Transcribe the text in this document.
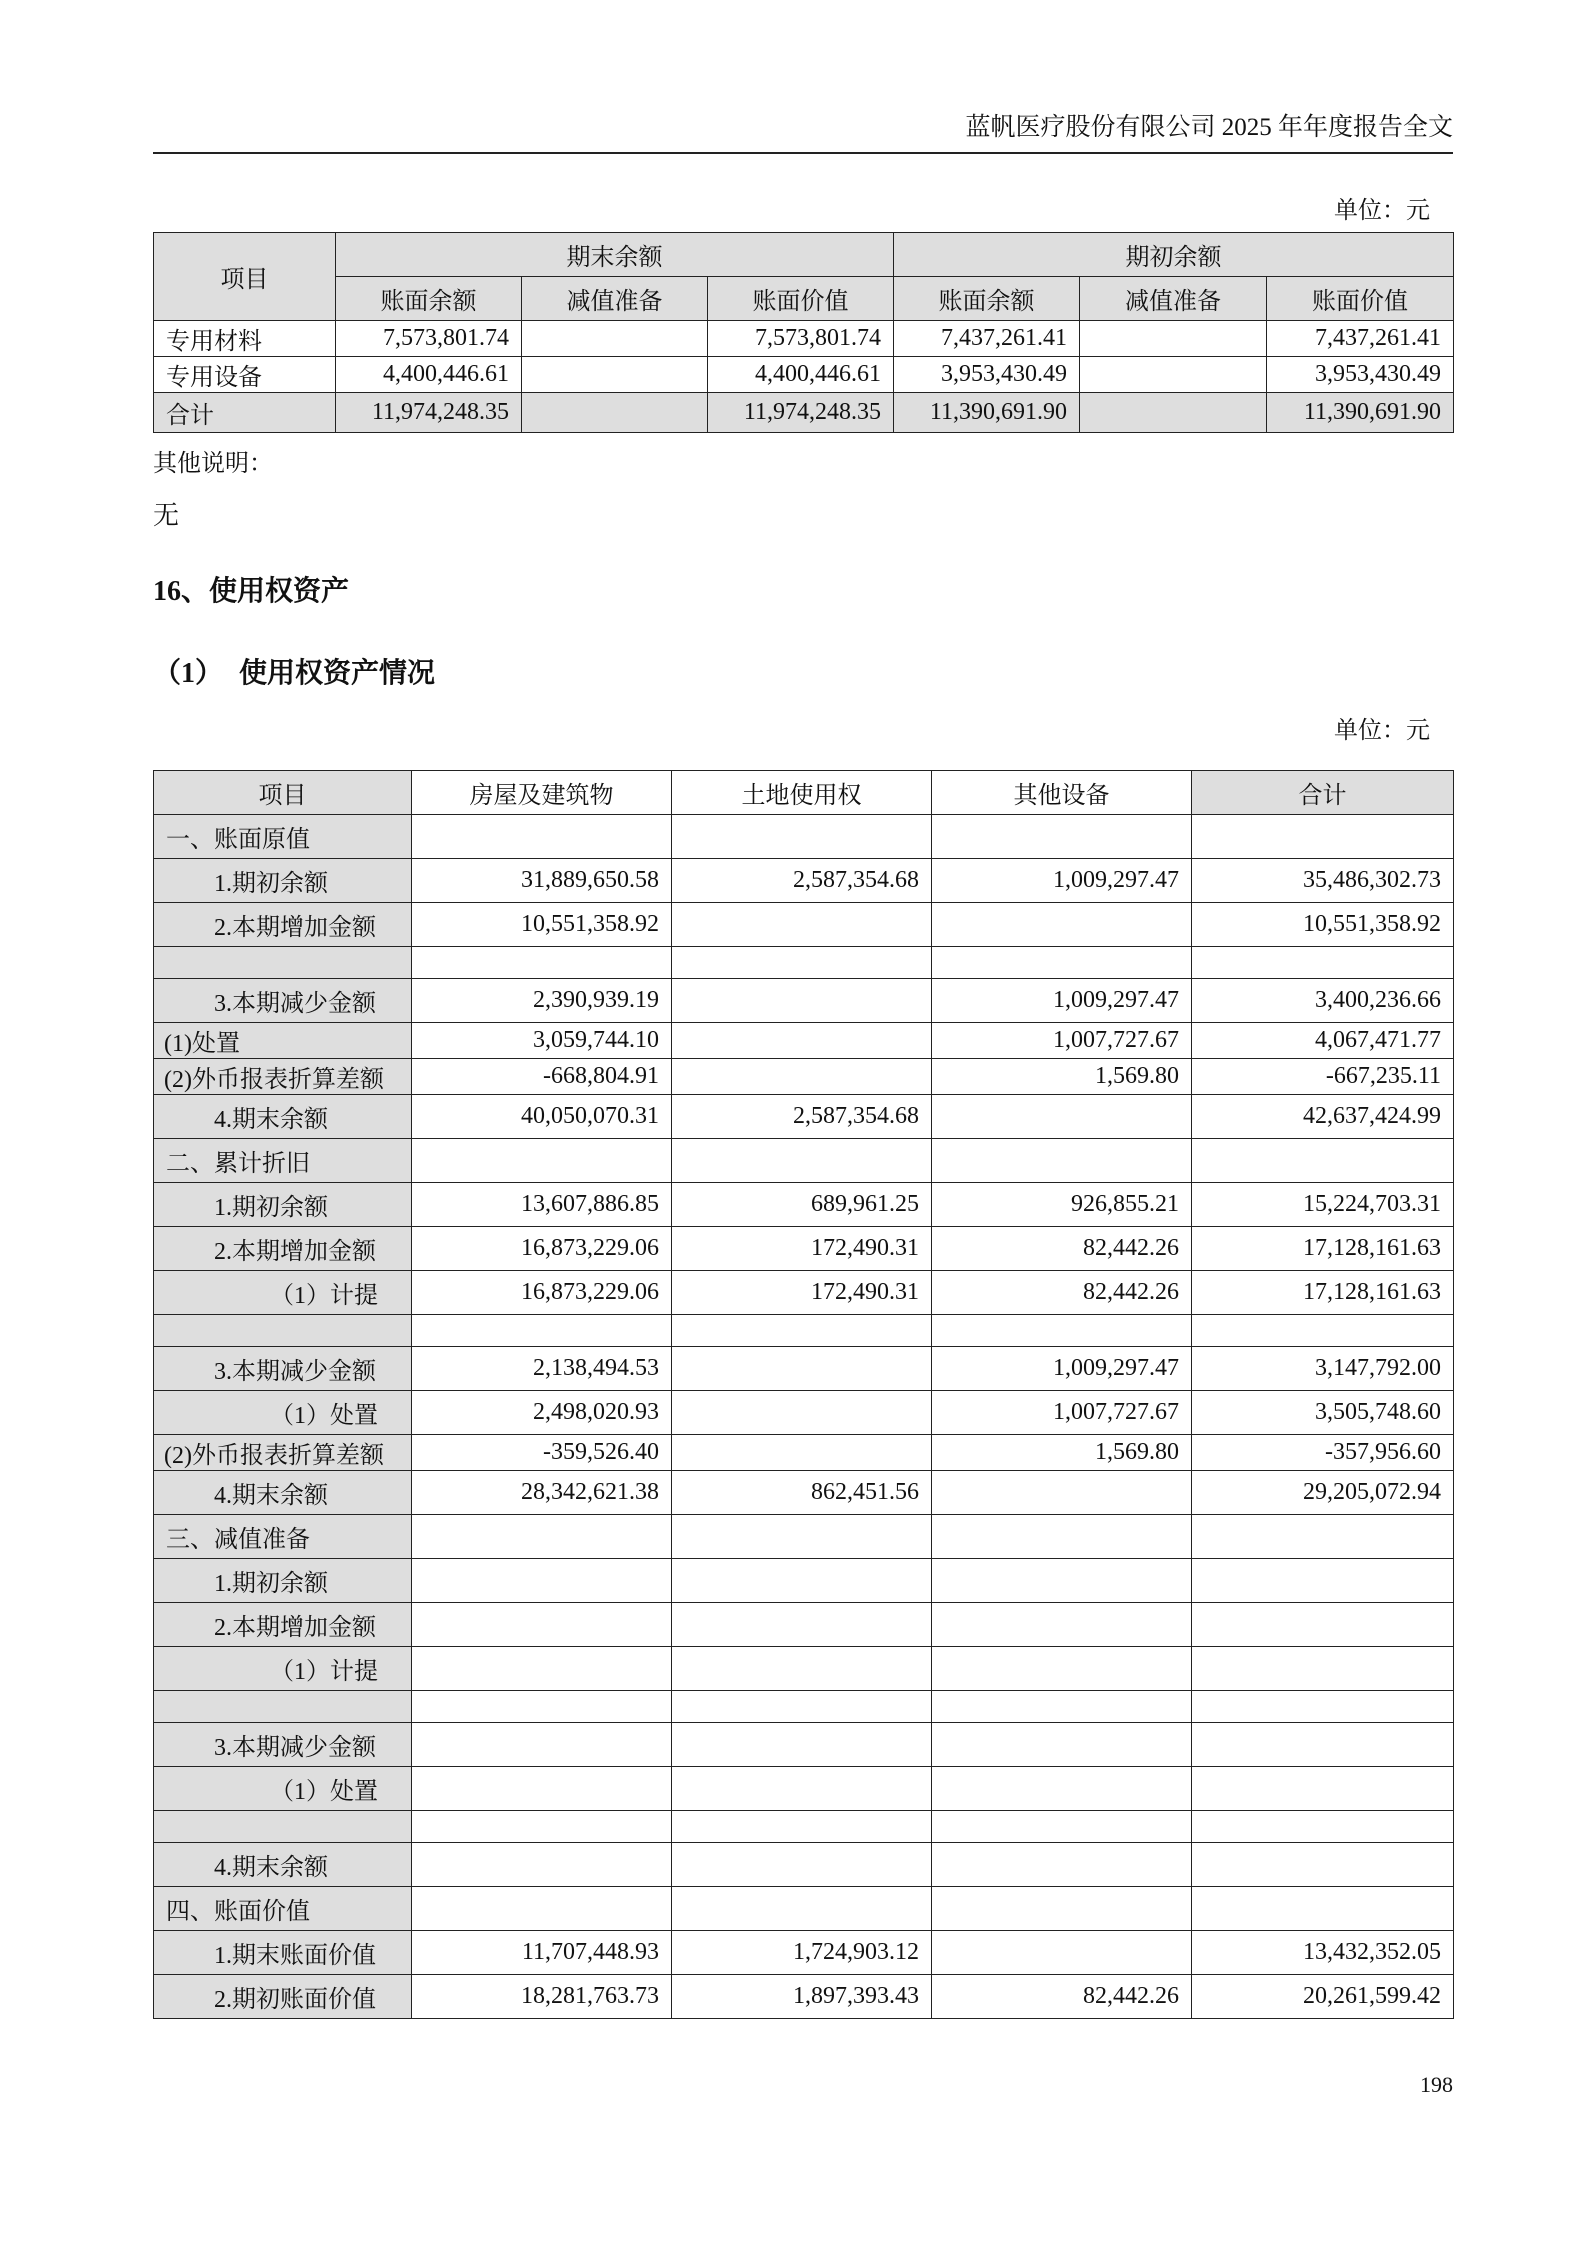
蓝帆医疗股份有限公司 2025 年年度报告全文
单位：元
项目	期末余额			期初余额		
	账面余额	减值准备	账面价值	账面余额	减值准备	账面价值
专用材料	7,573,801.74		7,573,801.74	7,437,261.41		7,437,261.41
专用设备	4,400,446.61		4,400,446.61	3,953,430.49		3,953,430.49
合计	11,974,248.35		11,974,248.35	11,390,691.90		11,390,691.90
其他说明：
无
16、使用权资产
（1） 使用权资产情况
单位：元
项目	房屋及建筑物	土地使用权	其他设备	合计
一、账面原值				
1.期初余额	31,889,650.58	2,587,354.68	1,009,297.47	35,486,302.73
2.本期增加金额	10,551,358.92			10,551,358.92

3.本期减少金额	2,390,939.19		1,009,297.47	3,400,236.66
(1)处置	3,059,744.10		1,007,727.67	4,067,471.77
(2)外币报表折算差额	-668,804.91		1,569.80	-667,235.11
4.期末余额	40,050,070.31	2,587,354.68		42,637,424.99
二、累计折旧				
1.期初余额	13,607,886.85	689,961.25	926,855.21	15,224,703.31
2.本期增加金额	16,873,229.06	172,490.31	82,442.26	17,128,161.63
（1）计提	16,873,229.06	172,490.31	82,442.26	17,128,161.63

3.本期减少金额	2,138,494.53		1,009,297.47	3,147,792.00
（1）处置	2,498,020.93		1,007,727.67	3,505,748.60
(2)外币报表折算差额	-359,526.40		1,569.80	-357,956.60
4.期末余额	28,342,621.38	862,451.56		29,205,072.94
三、减值准备				
1.期初余额				
2.本期增加金额				
（1）计提				

3.本期减少金额				
（1）处置				

4.期末余额				
四、账面价值				
1.期末账面价值	11,707,448.93	1,724,903.12		13,432,352.05
2.期初账面价值	18,281,763.73	1,897,393.43	82,442.26	20,261,599.42
198
